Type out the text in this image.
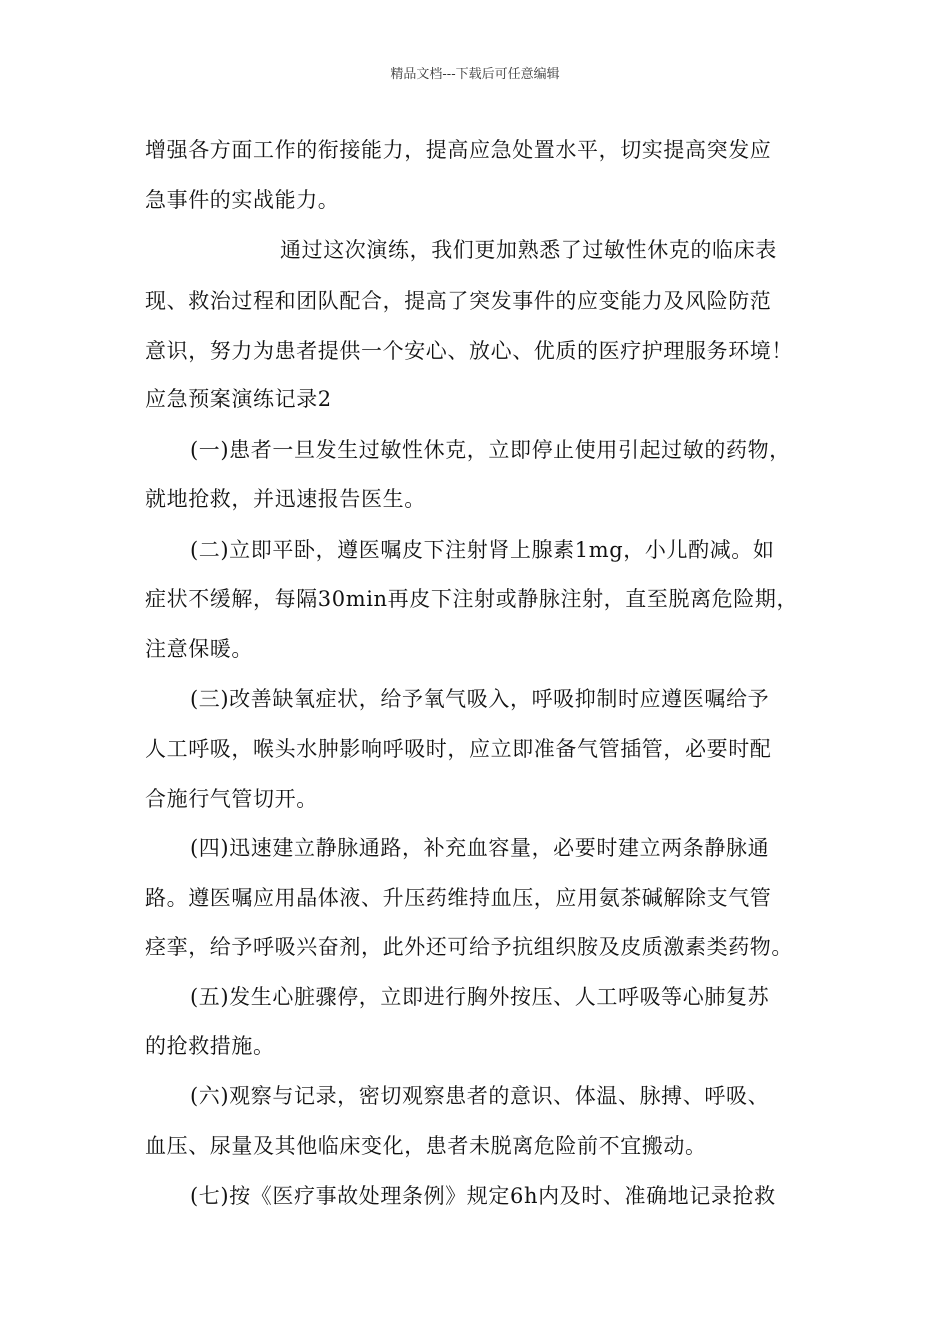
精品文档---下载后可任意编辑
增强各方面工作的衔接能力，提高应急处置水平，切实提高突发应
急事件的实战能力。
通过这次演练，我们更加熟悉了过敏性休克的临床表
现、救治过程和团队配合，提高了突发事件的应变能力及风险防范
意识，努力为患者提供一个安心、放心、优质的医疗护理服务环境！
应急预案演练记录2
(一)患者一旦发生过敏性休克，立即停止使用引起过敏的药物，
就地抢救，并迅速报告医生。
(二)立即平卧，遵医嘱皮下注射肾上腺素1mg，小儿酌减。如
症状不缓解，每隔30min再皮下注射或静脉注射，直至脱离危险期，
注意保暖。
(三)改善缺氧症状，给予氧气吸入，呼吸抑制时应遵医嘱给予
人工呼吸，喉头水肿影响呼吸时，应立即准备气管插管，必要时配
合施行气管切开。
(四)迅速建立静脉通路，补充血容量，必要时建立两条静脉通
路。遵医嘱应用晶体液、升压药维持血压，应用氨茶碱解除支气管
痉挛，给予呼吸兴奋剂，此外还可给予抗组织胺及皮质激素类药物。
(五)发生心脏骤停，立即进行胸外按压、人工呼吸等心肺复苏
的抢救措施。
(六)观察与记录，密切观察患者的意识、体温、脉搏、呼吸、
血压、尿量及其他临床变化，患者未脱离危险前不宜搬动。
(七)按《医疗事故处理条例》规定6h内及时、准确地记录抢救
